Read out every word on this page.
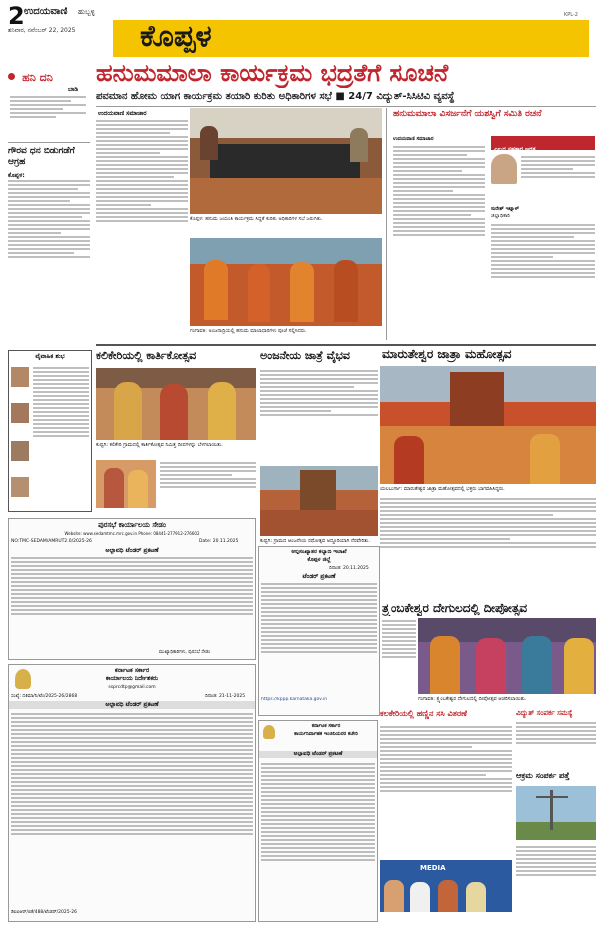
2 ಉದಯವಾಣಿ ಹುಬ್ಬಳ್ಳಿ
ಶನಿವಾರ, ನವೆಂಬರ್ 22, 2025 ಕೊಪ್ಪಳ
KPL-2
ಹನಿ ದನಿ
ಬಾಡಿ
ಗೌರವ ಧನ ಬಿಡುಗಡೆಗೆ ಆಗ್ರಹ
ಕೊಪ್ಪಳ:
ವೈವಾಹಿಕ ಶುಭ
ಹನುಮಮಾಲಾ ಕಾರ್ಯಕ್ರಮ ಭದ್ರತೆಗೆ ಸೂಚನೆ
ಪವಮಾನ ಹೋಮ ಯಾಗ ಕಾರ್ಯಕ್ರಮ ತಯಾರಿ ಕುರಿತು ಅಧಿಕಾರಿಗಳ ಸಭೆ ■ 24/7 ವಿದ್ಯುತ್-ಸಿಸಿಟಿವಿ ವ್ಯವಸ್ಥೆ
ಉದಯವಾಣಿ ಸಮಾಚಾರ
ಕೊಪ್ಪಳ: ಹನುಮ ಜಯಂತಿ ಕಾರ್ಯಕ್ರಮ ಸಿದ್ಧತೆ ಕುರಿತು ಅಧಿಕಾರಿಗಳ ಸಭೆ ಜರುಗಿತು.
ಗಂಗಾವತಿ: ಅಂಜನಾದ್ರಿಯಲ್ಲಿ ಹನುಮ ಮಾಲಾಧಾರಿಗಳು ಪೂಜೆ ಸಲ್ಲಿಸಿದರು.
ಹನುಮಮಾಲಾ ವಿಸರ್ಜನೆಗೆ ಯಶಸ್ವಿಗೆ ಸಮಿತಿ ರಚನೆ
ಉದಯವಾಣಿ ಸಮಾಚಾರ
ಎಲ್ಲರ ಸಹಕಾರ ಅಗತ್ಯ
ಸುರೇಶ್ ಇಟ್ನಾಳ್
ಜಿಲ್ಲಾಧಿಕಾರಿ
ಕಲಿಕೇರಿಯಲ್ಲಿ ಕಾರ್ತಿಕೋತ್ಸವ
ಕುಷ್ಟಗಿ: ಕಲಿಕೇರಿ ಗ್ರಾಮದಲ್ಲಿ ಕಾರ್ತಿಕೋತ್ಸವ ನಿಮಿತ್ತ ದೀಪಗಳನ್ನು ಬೆಳಗಲಾಯಿತು.
ಅಂಜನೇಯ ಜಾತ್ರೆ ವೈಭವ
ಕುಷ್ಟಗಿ: ಗ್ರಾಮದ ಆಂಜನೇಯ ರಥೋತ್ಸವ ಅದ್ದೂರಿಯಾಗಿ ನೆರವೇರಿತು.
ಮಾರುತೇಶ್ವರ ಜಾತ್ರಾ ಮಹೋತ್ಸವ
ಯಲಬುರ್ಗಾ: ಮಾರುತೇಶ್ವರ ಜಾತ್ರಾ ಮಹೋತ್ಸವದಲ್ಲಿ ಭಕ್ತರು ಭಾಗವಹಿಸಿದ್ದರು.
ಪುರಸಭೆ ಕಾರ್ಯಾಲಯ ಸೇಡಂ
Website: www.sedamtmc.mrc.gov.in Phone: 08441-277912-276602
NO:TMC-SEDAM/AMRUT2.0/2025-26	Date: 20.11.2025
ಅಲ್ಪಾವಧಿ ಟೆಂಡರ್ ಪ್ರಕಟಣೆ
ಮುಖ್ಯಾಧಿಕಾರಿಗಳು, ಪುರಸಭೆ ಸೇಡಂ
ಕರ್ನಾಟಕ ಸರ್ಕಾರ
ಕಾರ್ಯಾಲಯ ನಿರ್ದೇಶಕರು
ssprcdtp@gmail.com
ಸಂಖ್ಯೆ: ದಕಿಮಾ/ನಿ/ಟೆಂ/2025-26/2868	ದಿನಾಂಕ: 21-11-2025
ಅಲ್ಪಾವಧಿ ಟೆಂಡರ್ ಪ್ರಕಟಣೆ
ಡಿಐಪಿಆರ್/ಬಿಕೆ/488/ಟೆಂಡರ್/2025-26
ಅಲ್ಪಸಂಖ್ಯಾತರ ಕಲ್ಯಾಣ ಇಲಾಖೆ
ಕೊಪ್ಪಳ ಜಿಲ್ಲೆ
ದಿನಾಂಕ: 20.11.2025
ಟೆಂಡರ್ ಪ್ರಕಟಣೆ
https://kppp.karnataka.gov.in
ತ್ರ್ಯಂಬಕೇಶ್ವರ ದೇಗುಲದಲ್ಲಿ ದೀಪೋತ್ಸವ
ಗಂಗಾವತಿ: ತ್ರ್ಯಂಬಕೇಶ್ವರ ದೇಗುಲದಲ್ಲಿ ದೀಪೋತ್ಸವ ಆಚರಿಸಲಾಯಿತು.
ಕರ್ನಾಟಕ ಸರ್ಕಾರ
ಕಾರ್ಯನಿರ್ವಾಹಕ ಇಂಜಿನಿಯರರ ಕಚೇರಿ
ಅಲ್ಪಾವಧಿ ಟೆಂಡರ್ ಪ್ರಕಟಣೆ
ಕಲಕೇರಿಯಲ್ಲಿ ಹಣ್ಣಿನ ಸಸಿ ವಿತರಣೆ
MEDIA
ವಿದ್ಯುತ್ ಸಂಪರ್ಕ ಸಮಸ್ಯೆ
ಆಕ್ರಮ ಸಂಪರ್ಕ ಪತ್ತೆ
